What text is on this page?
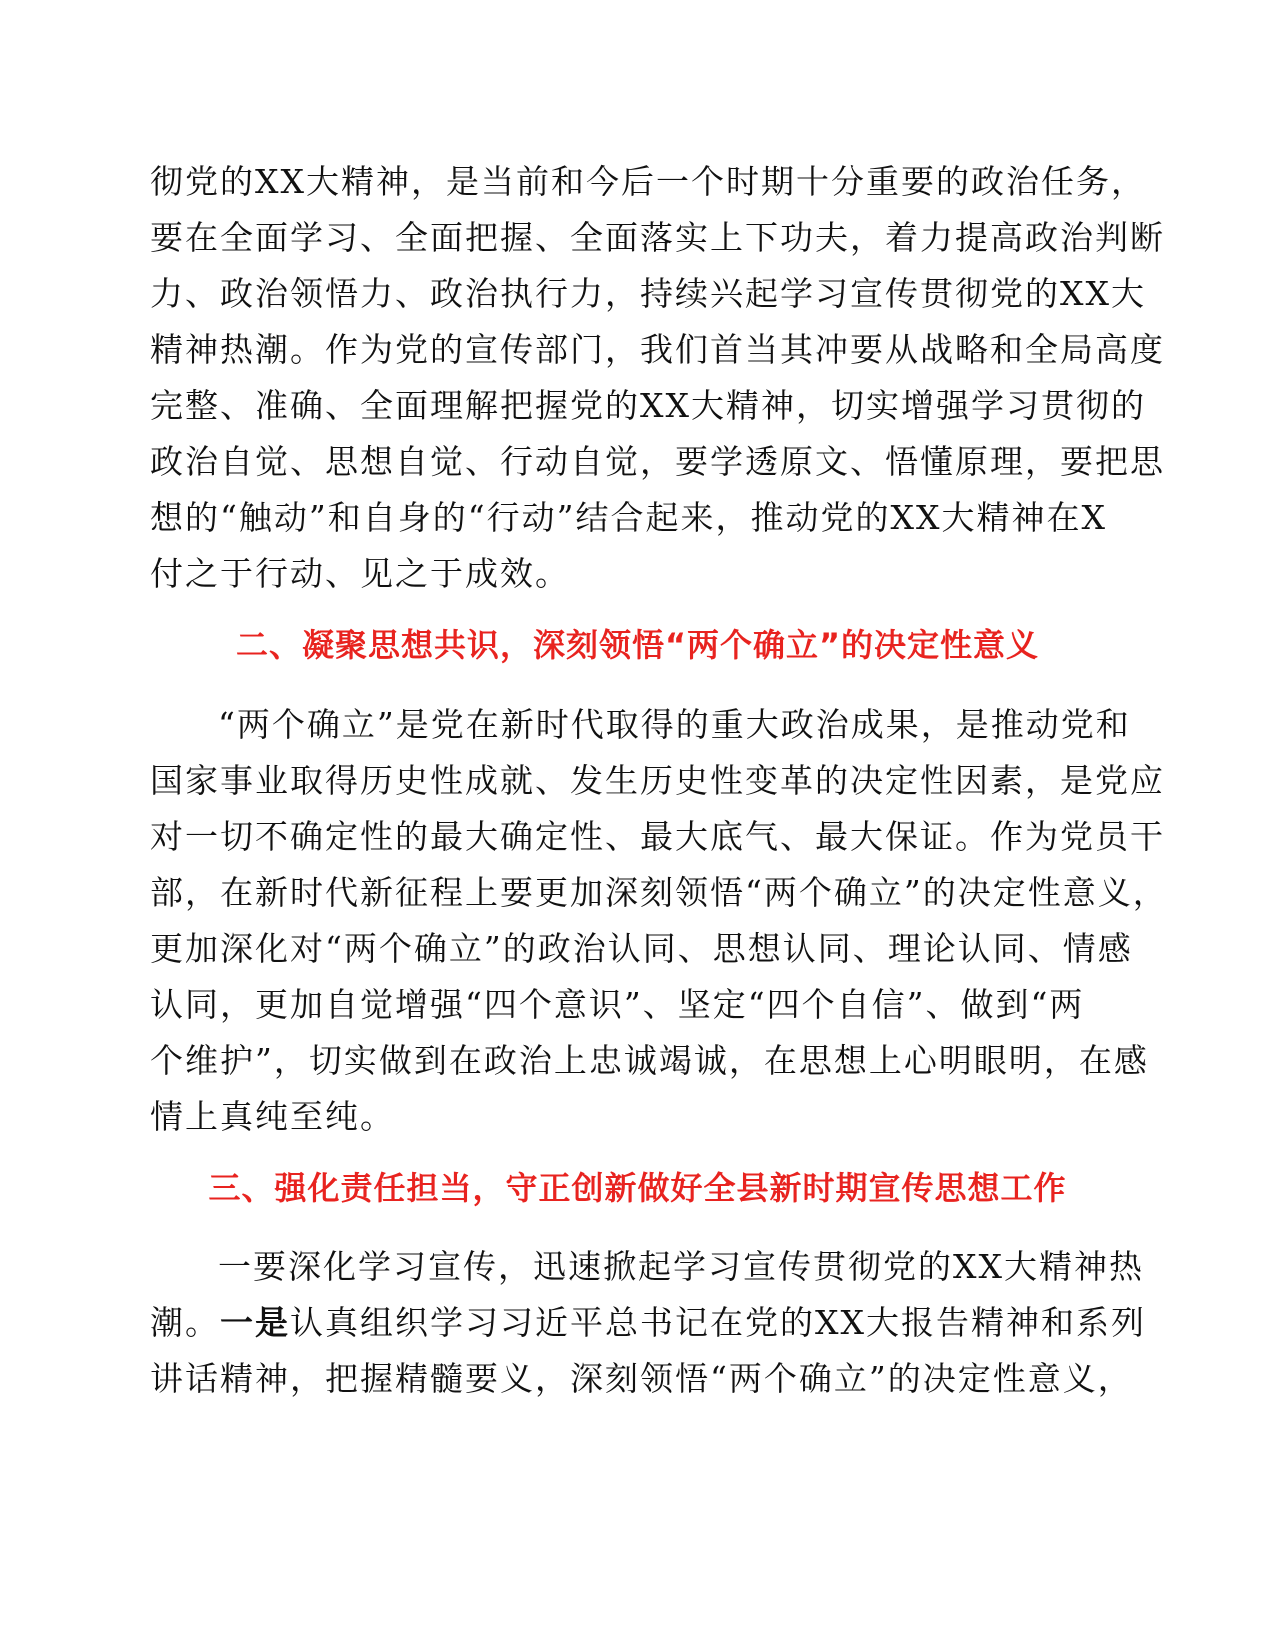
彻党的XX大精神，是当前和今后一个时期十分重要的政治任务，
要在全面学习、全面把握、全面落实上下功夫，着力提高政治判断
力、政治领悟力、政治执行力，持续兴起学习宣传贯彻党的XX大
精神热潮。作为党的宣传部门，我们首当其冲要从战略和全局高度
完整、准确、全面理解把握党的XX大精神，切实增强学习贯彻的
政治自觉、思想自觉、行动自觉，要学透原文、悟懂原理，要把思
想的“触动”和自身的“行动”结合起来，推动党的XX大精神在X
付之于行动、见之于成效。
二、凝聚思想共识，深刻领悟“两个确立”的决定性意义
“两个确立”是党在新时代取得的重大政治成果，是推动党和
国家事业取得历史性成就、发生历史性变革的决定性因素，是党应
对一切不确定性的最大确定性、最大底气、最大保证。作为党员干
部，在新时代新征程上要更加深刻领悟“两个确立”的决定性意义，
更加深化对“两个确立”的政治认同、思想认同、理论认同、情感
认同，更加自觉增强“四个意识”、坚定“四个自信”、做到“两
个维护”，切实做到在政治上忠诚竭诚，在思想上心明眼明，在感
情上真纯至纯。
三、强化责任担当，守正创新做好全县新时期宣传思想工作
一要深化学习宣传，迅速掀起学习宣传贯彻党的XX大精神热
潮。一是认真组织学习习近平总书记在党的XX大报告精神和系列
讲话精神，把握精髓要义，深刻领悟“两个确立”的决定性意义，
